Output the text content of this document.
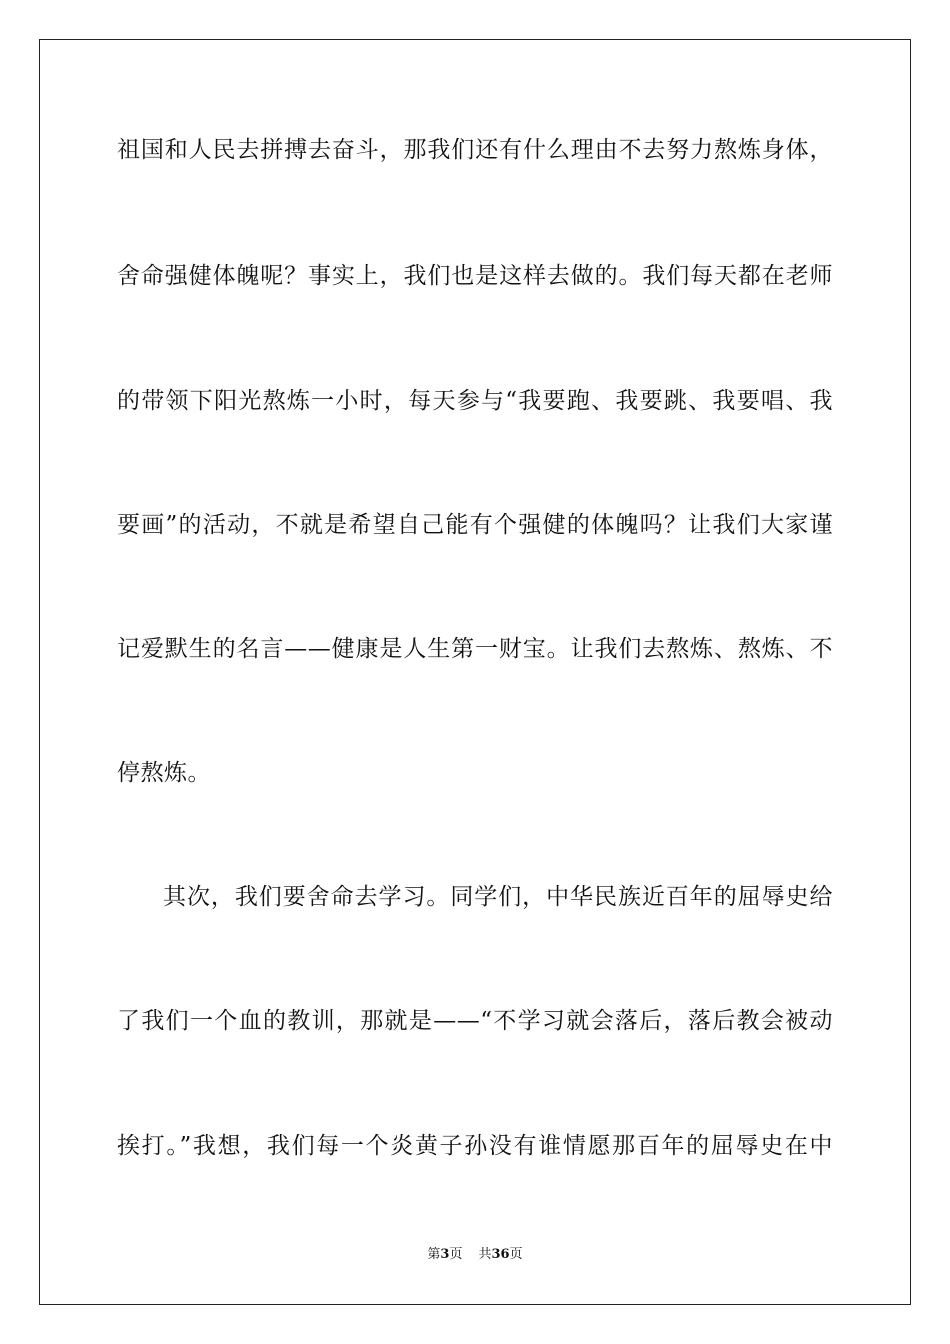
祖国和人民去拼搏去奋斗，那我们还有什么理由不去努力熬炼身体，
舍命强健体魄呢？事实上，我们也是这样去做的。我们每天都在老师
的带领下阳光熬炼一小时，每天参与“我要跑、我要跳、我要唱、我
要画”的活动，不就是希望自己能有个强健的体魄吗？让我们大家谨
记爱默生的名言——健康是人生第一财宝。让我们去熬炼、熬炼、不
停熬炼。
其次，我们要舍命去学习。同学们，中华民族近百年的屈辱史给
了我们一个血的教训，那就是——“不学习就会落后，落后教会被动
挨打。”我想，我们每一个炎黄子孙没有谁情愿那百年的屈辱史在中
第3页 共36页
